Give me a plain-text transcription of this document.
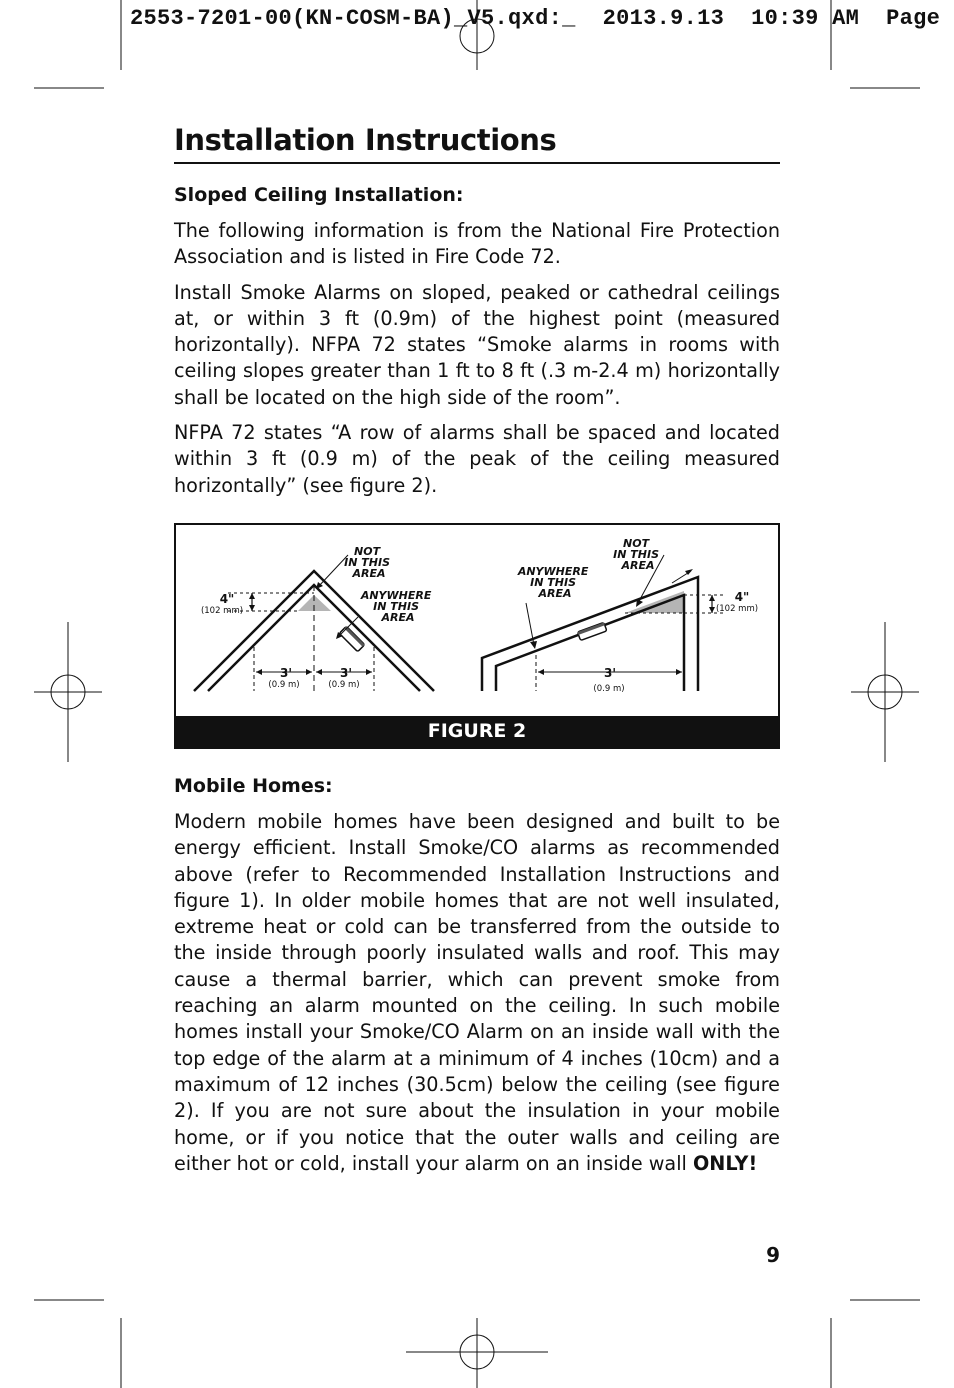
2553-7201-00(KN-COSM-BA)_V5.qxd:_  2013.9.13  10:39 AM  Page
Installation Instructions
Sloped Ceiling Installation:

The following information is from the National Fire Protection Association and is listed in Fire Code 72.

Install Smoke Alarms on sloped, peaked or cathedral ceilings at, or within 3 ft (0.9m) of the highest point (measured horizontally). NFPA 72 states “Smoke alarms in rooms with ceiling slopes greater than 1 ft to 8 ft (.3 m-2.4 m) horizontally shall be located on the high side of the room”.

NFPA 72 states “A row of alarms shall be spaced and located within 3 ft (0.9 m) of the peak of the ceiling measured horizontally” (see figure 2).

NOT IN THIS AREA
ANYWHERE IN THIS AREA
4"
(102 mm)
3'
(0.9 m)
3'
(0.9 m)
NOT IN THIS AREA
ANYWHERE IN THIS AREA	4"
(102 mm)
3'
(0.9 m)
FIGURE 2
Mobile Homes:

Modern mobile homes have been designed and built to be energy efficient. Install Smoke/CO alarms as recommended above (refer to Recommended Installation Instructions and figure 1). In older mobile homes that are not well insulated, extreme heat or cold can be transferred from the outside to the inside through poorly insulated walls and roof. This may cause a thermal barrier, which can prevent smoke from reaching an alarm mounted on the ceiling. In such mobile homes install your Smoke/CO Alarm on an inside wall with the top edge of the alarm at a minimum of 4 inches (10cm) and a maximum of 12 inches (30.5cm) below the ceiling (see figure 2). If you are not sure about the insulation in your mobile home, or if you notice that the outer walls and ceiling are either hot or cold, install your alarm on an inside wall ONLY!

9
